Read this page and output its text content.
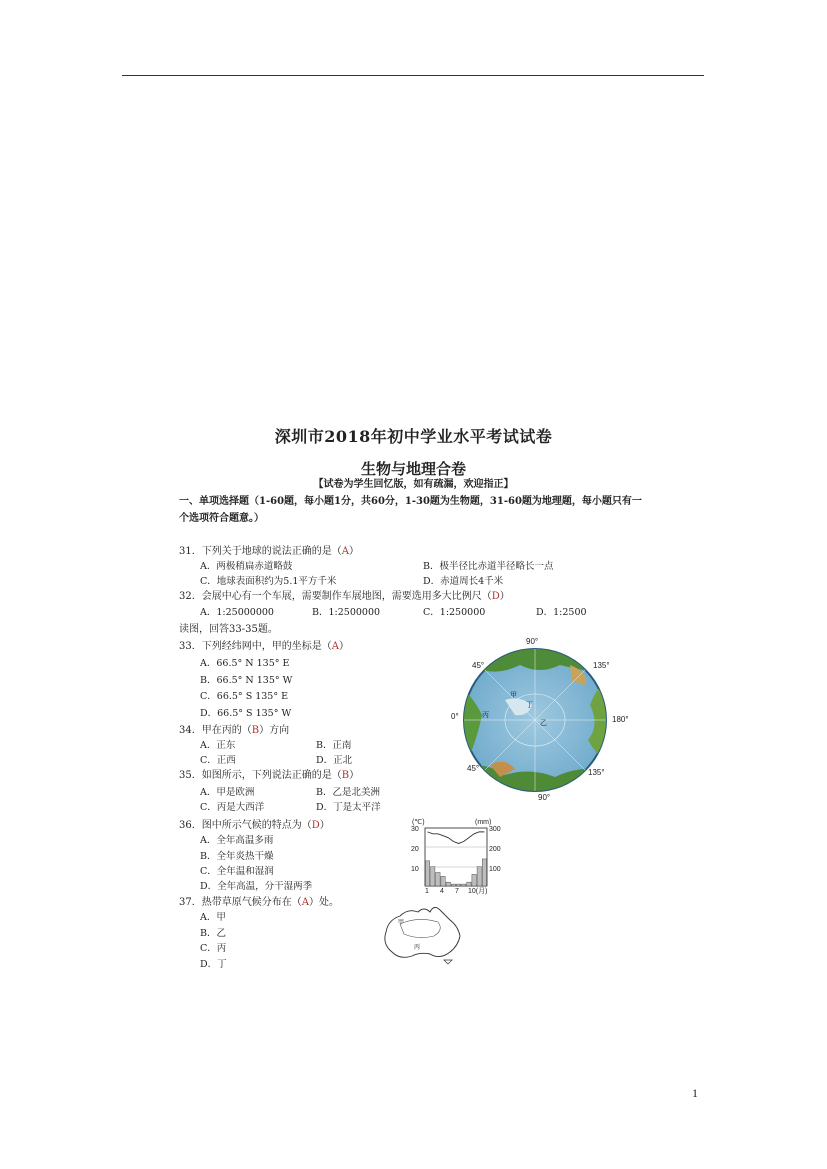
深圳市2018年初中学业水平考试试卷
生物与地理合卷
【试卷为学生回忆版，如有疏漏，欢迎指正】
一、单项选择题（1-60题，每小题1分，共60分，1-30题为生物题，31-60题为地理题，每小题只有一
个选项符合题意。）
31．下列关于地球的说法正确的是（A）
A．两极稍扁赤道略鼓	B．极半径比赤道半径略长一点
C．地球表面积约为5.1平方千米	D．赤道周长4千米
32．会展中心有一个车展，需要制作车展地图，需要选用多大比例尺（D）
A．1:25000000	B．1:2500000	C．1:250000	D．1:2500
读图，回答33-35题。
33．下列经纬网中，甲的坐标是（A）
A．66.5° N 135° E
B．66.5° N 135° W
C．66.5° S 135° E
D．66.5° S 135° W
34．甲在丙的（B）方向
A．正东	B．正南
C．正西	D．正北
35．如图所示，下列说法正确的是（B）
A．甲是欧洲	B．乙是北美洲
C．丙是大西洋	D．丁是太平洋
36．图中所示气候的特点为（D）
A．全年高温多雨
B．全年炎热干燥
C．全年温和湿润
D．全年高温，分干湿两季
37．热带草原气候分布在（A）处。
A．甲
B．乙
C．丙
D．丁
90°
45°	135°
0°	180°
45°	135°
90°
甲
乙
丙
丁
(℃)	(mm)
30
20
10
300
200
100
1 4 7 10(月)
丙
甲
1
